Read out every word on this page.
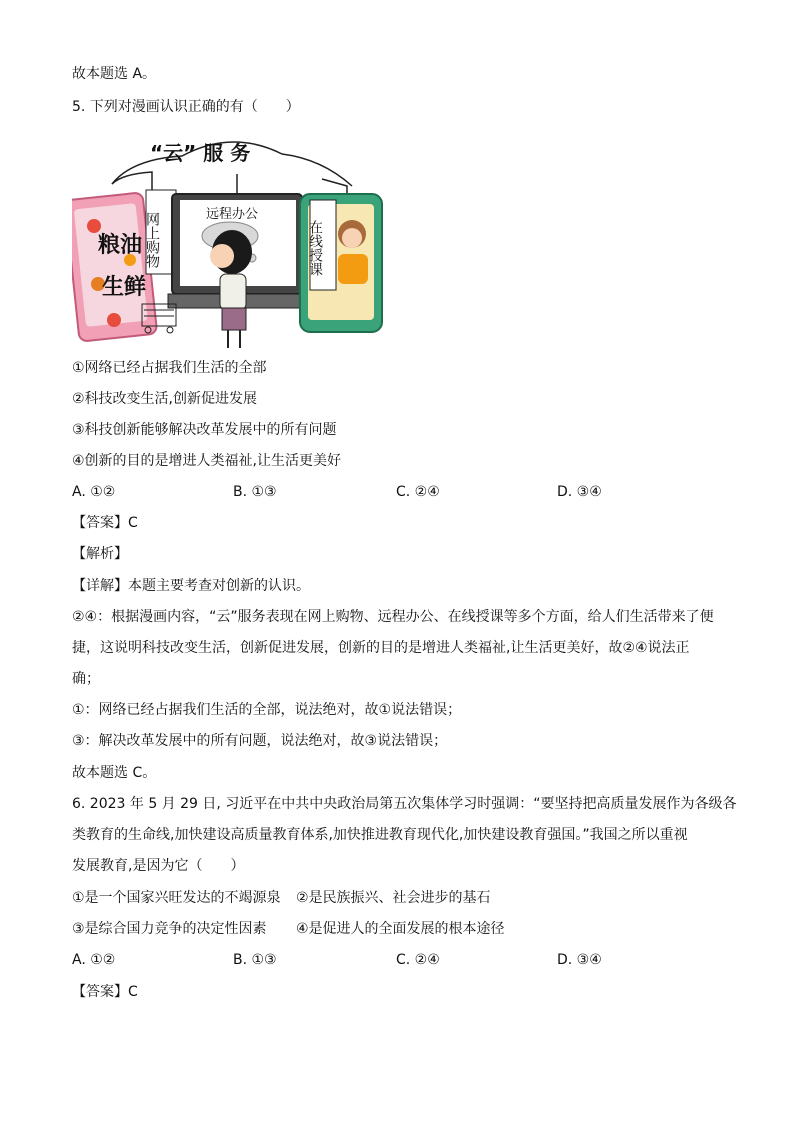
故本题选 A。
5. 下列对漫画认识正确的有（　　）
“云” 服 务
粮油
生鲜
网上购物	远程办公
在线授课
①网络已经占据我们生活的全部
②科技改变生活,创新促进发展
③科技创新能够解决改革发展中的所有问题
④创新的目的是增进人类福祉,让生活更美好
A. ①②	B. ①③	C. ②④	D. ③④
【答案】C
【解析】
【详解】本题主要考查对创新的认识。
②④：根据漫画内容，“云”服务表现在网上购物、远程办公、在线授课等多个方面，给人们生活带来了便
捷，这说明科技改变生活，创新促进发展，创新的目的是增进人类福祉,让生活更美好，故②④说法正
确；
①：网络已经占据我们生活的全部，说法绝对，故①说法错误；
③：解决改革发展中的所有问题，说法绝对，故③说法错误；
故本题选 C。
6. 2023 年 5 月 29 日, 习近平在中共中央政治局第五次集体学习时强调：“要坚持把高质量发展作为各级各
类教育的生命线,加快建设高质量教育体系,加快推进教育现代化,加快建设教育强国。”我国之所以重视
发展教育,是因为它（　　）
①是一个国家兴旺发达的不竭源泉 ②是民族振兴、社会进步的基石
③是综合国力竞争的决定性因素 ④是促进人的全面发展的根本途径
A. ①②	B. ①③	C. ②④	D. ③④
【答案】C
